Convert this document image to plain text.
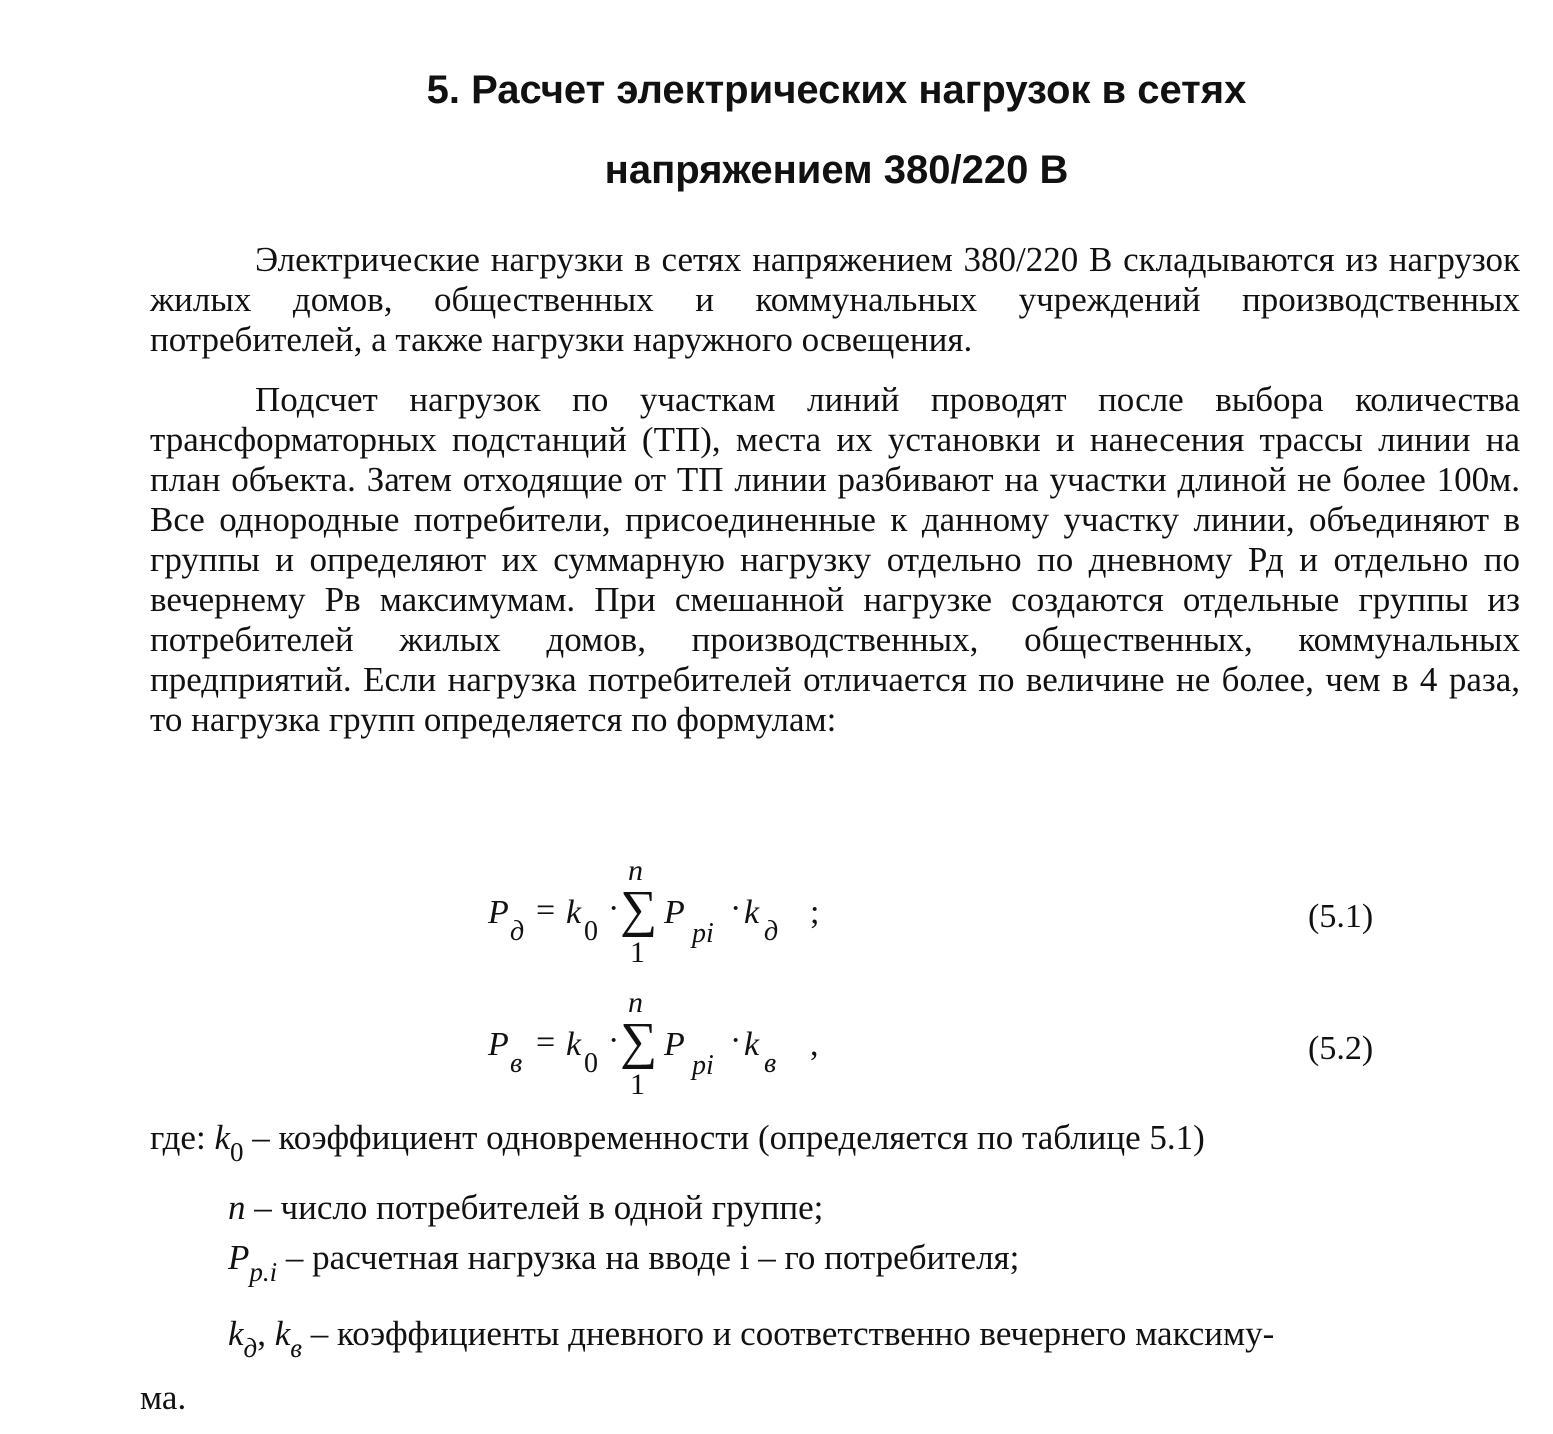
5. Расчет электрических нагрузок в сетях
напряжением 380/220 В

Электрические нагрузки в сетях напряжением 380/220 В складываются из нагрузок жилых домов, общественных и коммунальных учреждений производственных потребителей, а также нагрузки наружного освещения.

Подсчет нагрузок по участкам линий проводят после выбора количества трансформаторных подстанций (ТП), места их установки и нанесения трассы линии на план объекта. Затем отходящие от ТП линии разбивают на участки длиной не более 100м. Все однородные потребители, присоединенные к данному участку линии, объединяют в группы и определяют их суммарную нагрузку отдельно по дневному Рд и отдельно по вечернему Рв максимумам. При смешанной нагрузке создаются отдельные группы из потребителей жилых домов, производственных, общественных, коммунальных предприятий. Если нагрузка потребителей отличается по величине не более, чем в 4 раза, то нагрузка групп определяется по формулам:

P
д
= k
0
·
n
∑
1
P
pi
· k
д
;	(5.1)
P
в
= k
0
·
n
∑
1
P
pi
· k
в
,	(5.2)
где: $k_0$ – коэффициент одновременности (определяется по таблице 5.1)
n – число потребителей в одной группе;
$P_{p.i}$ – расчетная нагрузка на вводе i – го потребителя;
$k_д$, $k_в$ – коэффициенты дневного и соответственно вечернего максиму-
ма.
